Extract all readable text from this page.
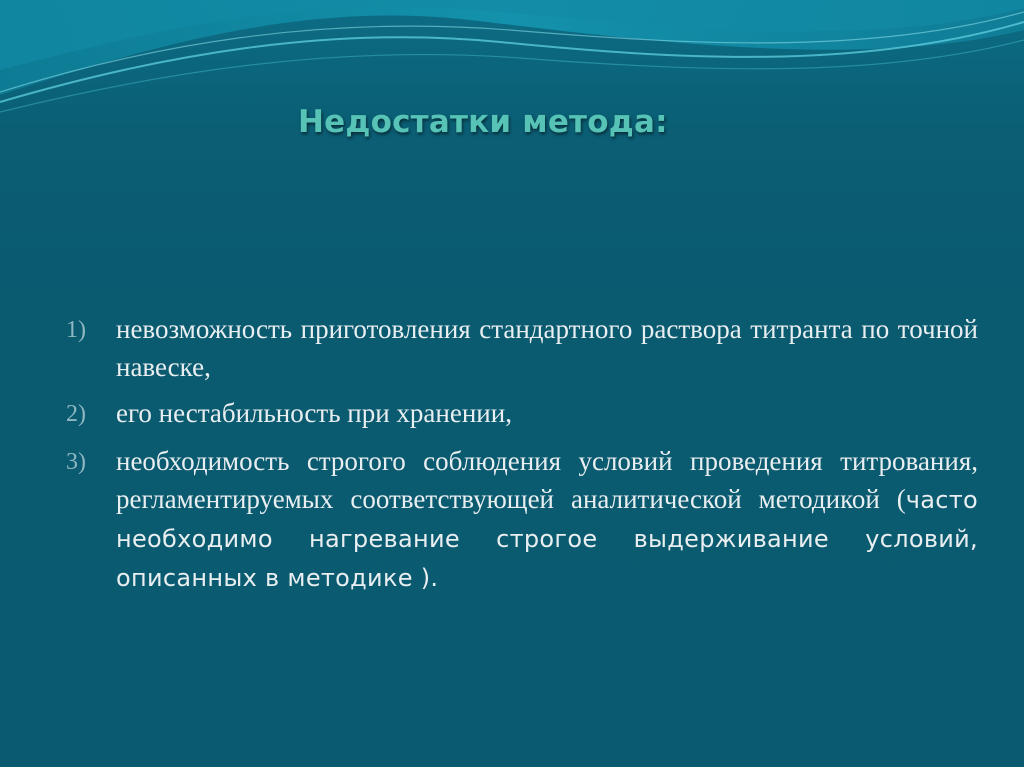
Недостатки метода:
1)	невозможность приготовления стандартного раствора титранта по точной навеске,
2)	его нестабильность при хранении,
3)	необходимость строгого соблюдения условий проведения титрования, регламентируемых соответствующей аналитической методикой (часто необходимо нагревание строгое выдерживание условий, описанных в методике ).
